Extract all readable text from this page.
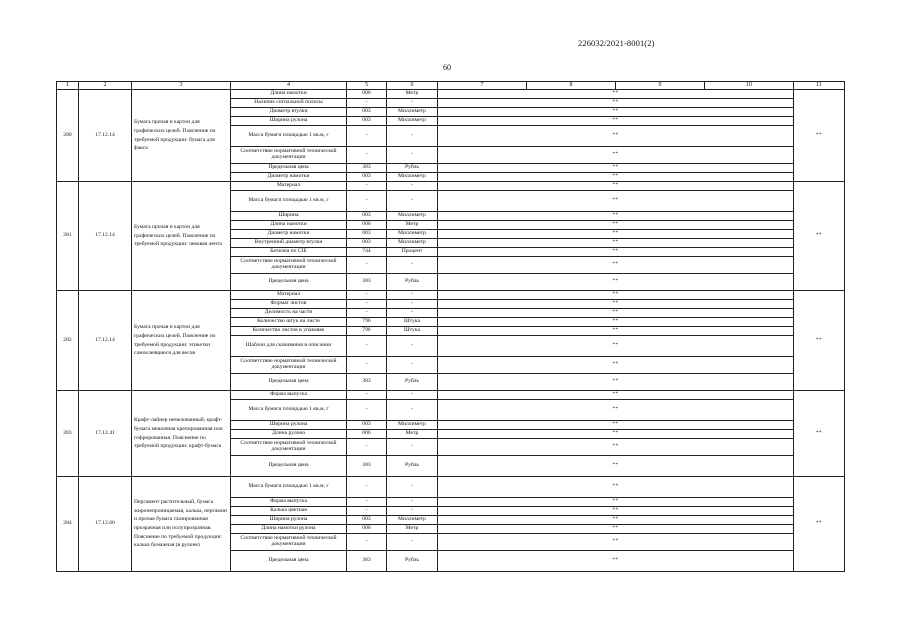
226032/2021-8001(2)
60
1	2	3	4	5	6	7	8	9	10	11
280	17.12.14	Бумага прочая и картон для графических целей. Пояснение по требуемой продукции: бумага для факса	Длина намотки	006	Метр	**				**
			Наличие сигнальной полосы	-	-	**				
			Диаметр втулки	003	Миллиметр	**				
			Ширина рулона	003	Миллиметр	**				
			Масса бумаги площадью 1 кв.м, г	-	-	**				
			Соответствие нормативной технической документации	-	-	**				
			Предельная цена	383	Рубль	**				
			Диаметр намотки	003	Миллиметр	**				
281	17.12.14	Бумага прочая и картон для графических целей. Пояснение по требуемой продукции: чековая лента	Материал	-	-	**				**
			Масса бумаги площадью 1 кв.м, г	-	-	**				
			Ширина	003	Миллиметр	**				
			Длина намотки	006	Метр	**				
			Диаметр намотки	003	Миллиметр	**				
			Внутренний диаметр втулки	003	Миллиметр	**				
			Белизна по CIE	744	Процент	**				
			Соответствие нормативной технической документации	-	-	**				
			Предельная цена	383	Рубль	**				
282	17.12.14	Бумага прочая и картон для графических целей. Пояснение по требуемой продукции: этикетки самоклеящиеся для весов	Материал	-	-	**				**
			Формат листов	-	-	**				
			Делимость на части	-	-	**				
			Количество штук на листе	796	Штука	**				
			Количество листов в упаковке	796	Штука	**				
			Шаблон для скачивания в описании	-	-	**				
			Соответствие нормативной технической документации	-	-	**				
			Предельная цена	383	Рубль	**				
283	17.12.41	Крафт-лайнер немелованный; крафт-бумага мешочная крепированная или гофрированная. Пояснение по требуемой продукции: крафт-бумага	Форма выпуска	-	-	**				**
			Масса бумаги площадью 1 кв.м, г	-	-	**				
			Ширина рулона	003	Миллиметр	**				
			Длина рулона	006	Метр	**				
			Соответствие нормативной технической документации	-	-	**				
			Предельная цена	383	Рубль	**				
284	17.12.60	Пергамент растительный, бумага жиронепроницаемая, калька, пергамин и прочая бумага глазированная прозрачная или полупрозрачная. Пояснение по требуемой продукции: калька бумажная (в рулоне)	Масса бумаги площадью 1 кв.м, г	-	-	**				**
			Форма выпуска	-	-	**				
			Калька цветная	-	-	**				
			Ширина рулона	003	Миллиметр	**				
			Длина намотки рулона	006	Метр	**				
			Соответствие нормативной технической документации	-	-	**				
			Предельная цена	383	Рубль	**				
